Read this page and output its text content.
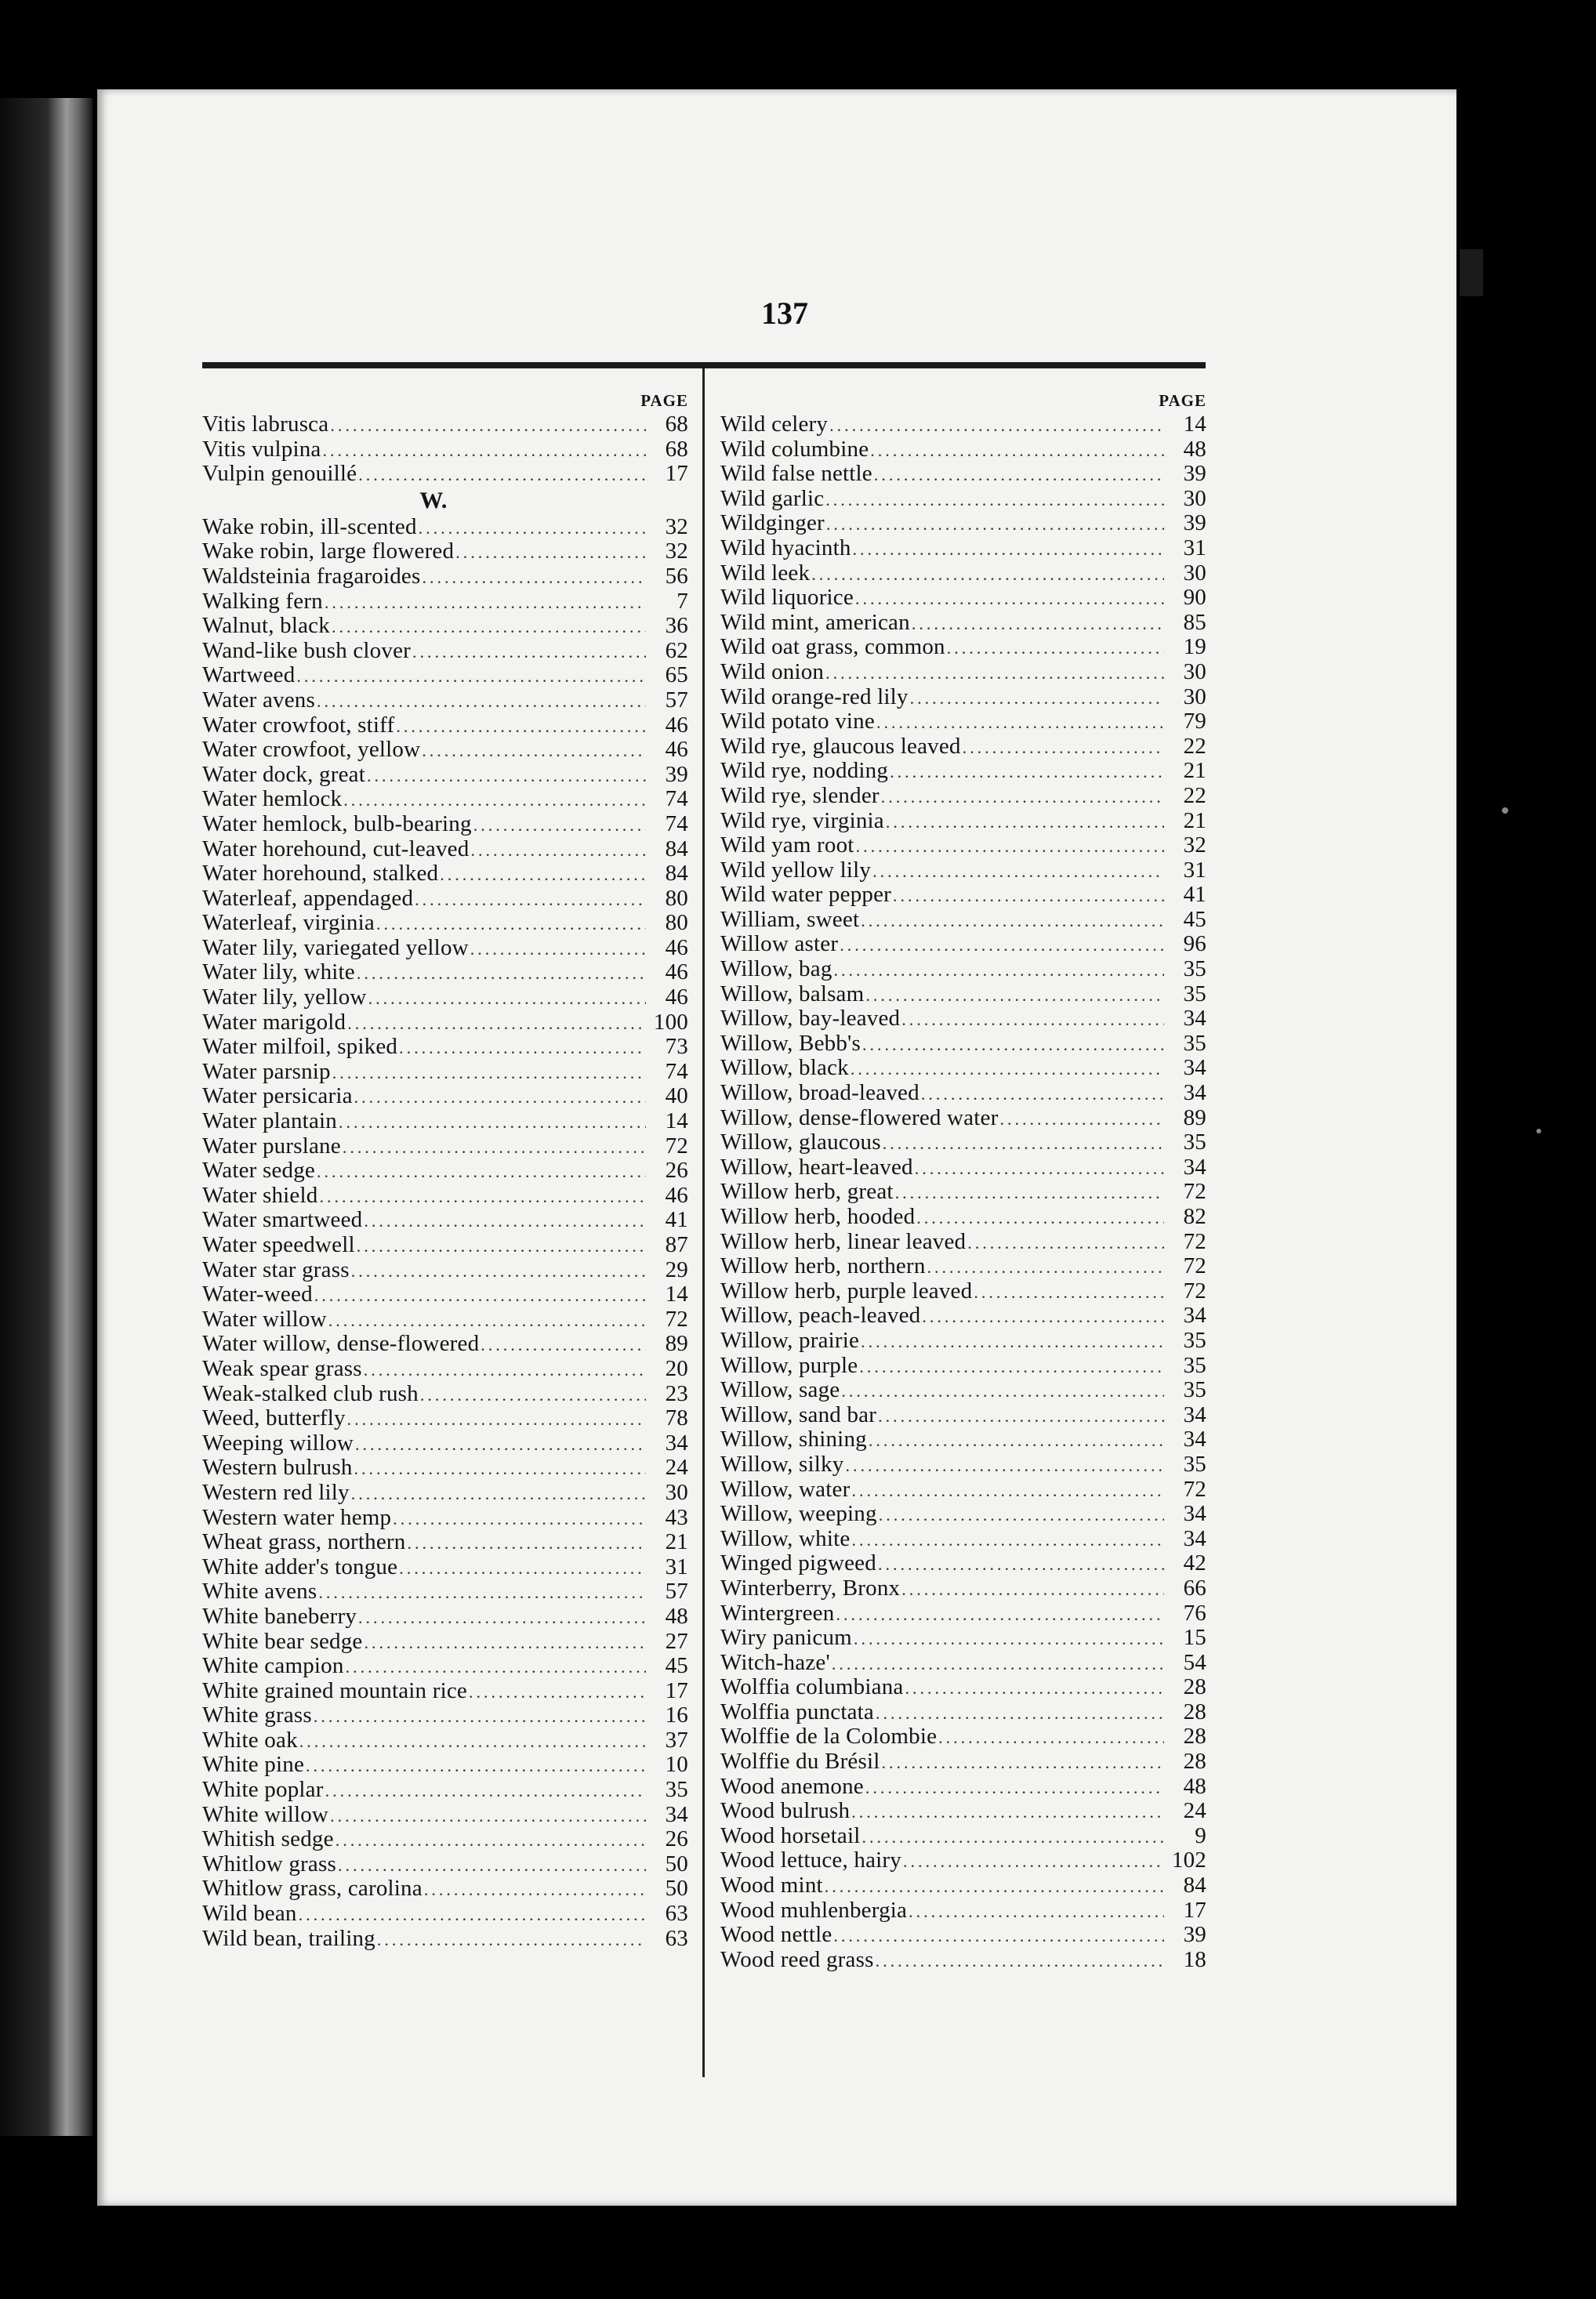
137
PAGE
Vitis labrusca .....	68
Vitis vulpina .....	68
Vulpin genouillé .....	17
W.
Wake robin, ill-scented .....	32
Wake robin, large flowered .....	32
Waldsteinia fragaroides .....	56
Walking fern .....	7
Walnut, black .....	36
Wand-like bush clover .....	62
Wartweed .....	65
Water avens .....	57
Water crowfoot, stiff .....	46
Water crowfoot, yellow .....	46
Water dock, great .....	39
Water hemlock .....	74
Water hemlock, bulb-bearing .....	74
Water horehound, cut-leaved .....	84
Water horehound, stalked .....	84
Waterleaf, appendaged .....	80
Waterleaf, virginia .....	80
Water lily, variegated yellow .....	46
Water lily, white .....	46
Water lily, yellow .....	46
Water marigold .....	100
Water milfoil, spiked .....	73
Water parsnip .....	74
Water persicaria .....	40
Water plantain .....	14
Water purslane .....	72
Water sedge .....	26
Water shield .....	46
Water smartweed .....	41
Water speedwell .....	87
Water star grass .....	29
Water-weed .....	14
Water willow .....	72
Water willow, dense-flowered .....	89
Weak spear grass .....	20
Weak-stalked club rush .....	23
Weed, butterfly .....	78
Weeping willow .....	34
Western bulrush .....	24
Western red lily .....	30
Western water hemp .....	43
Wheat grass, northern .....	21
White adder's tongue .....	31
White avens .....	57
White baneberry .....	48
White bear sedge .....	27
White campion .....	45
White grained mountain rice .....	17
White grass .....	16
White oak .....	37
White pine .....	10
White poplar .....	35
White willow .....	34
Whitish sedge .....	26
Whitlow grass .....	50
Whitlow grass, carolina .....	50
Wild bean .....	63
Wild bean, trailing .....	63
PAGE
Wild celery .....	14
Wild columbine .....	48
Wild false nettle .....	39
Wild garlic .....	30
Wildginger .....	39
Wild hyacinth .....	31
Wild leek .....	30
Wild liquorice .....	90
Wild mint, american .....	85
Wild oat grass, common .....	19
Wild onion .....	30
Wild orange-red lily .....	30
Wild potato vine .....	79
Wild rye, glaucous leaved .....	22
Wild rye, nodding .....	21
Wild rye, slender .....	22
Wild rye, virginia .....	21
Wild yam root .....	32
Wild yellow lily .....	31
Wild water pepper .....	41
William, sweet .....	45
Willow aster .....	96
Willow, bag .....	35
Willow, balsam .....	35
Willow, bay-leaved .....	34
Willow, Bebb's .....	35
Willow, black .....	34
Willow, broad-leaved .....	34
Willow, dense-flowered water .....	89
Willow, glaucous .....	35
Willow, heart-leaved .....	34
Willow herb, great .....	72
Willow herb, hooded .....	82
Willow herb, linear leaved .....	72
Willow herb, northern .....	72
Willow herb, purple leaved .....	72
Willow, peach-leaved .....	34
Willow, prairie .....	35
Willow, purple .....	35
Willow, sage .....	35
Willow, sand bar .....	34
Willow, shining .....	34
Willow, silky .....	35
Willow, water .....	72
Willow, weeping .....	34
Willow, white .....	34
Winged pigweed .....	42
Winterberry, Bronx .....	66
Wintergreen .....	76
Wiry panicum .....	15
Witch-haze' .....	54
Wolffia columbiana .....	28
Wolffia punctata .....	28
Wolffie de la Colombie .....	28
Wolffie du Brésil .....	28
Wood anemone .....	48
Wood bulrush .....	24
Wood horsetail .....	9
Wood lettuce, hairy .....	102
Wood mint .....	84
Wood muhlenbergia .....	17
Wood nettle .....	39
Wood reed grass .....	18
